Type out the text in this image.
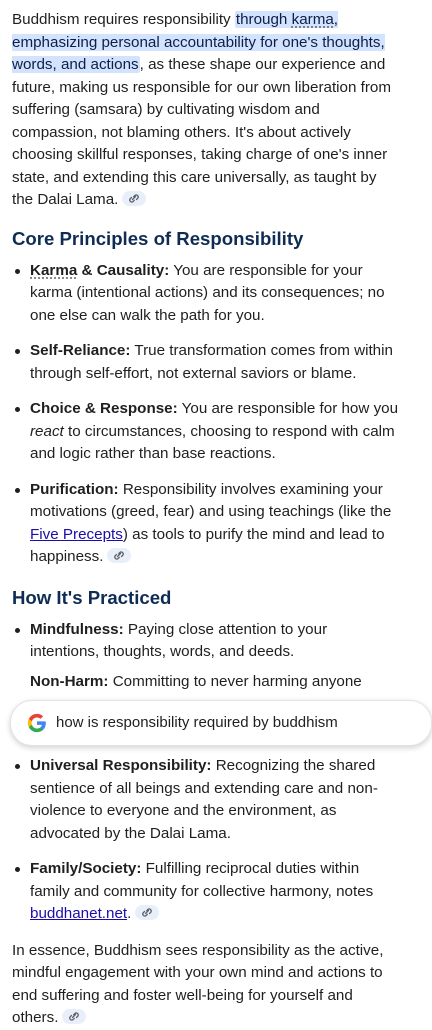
Buddhism requires responsibility through karma, emphasizing personal accountability for one's thoughts, words, and actions, as these shape our experience and future, making us responsible for our own liberation from suffering (samsara) by cultivating wisdom and compassion, not blaming others. It's about actively choosing skillful responses, taking charge of one's inner state, and extending this care universally, as taught by the Dalai Lama.

Core Principles of Responsibility
Karma & Causality: You are responsible for your karma (intentional actions) and its consequences; no one else can walk the path for you.
Self-Reliance: True transformation comes from within through self-effort, not external saviors or blame.
Choice & Response: You are responsible for how you react to circumstances, choosing to respond with calm and logic rather than base reactions.
Purification: Responsibility involves examining your motivations (greed, fear) and using teachings (like the Five Precepts) as tools to purify the mind and lead to happiness.
How It's Practiced
Mindfulness: Paying close attention to your intentions, thoughts, words, and deeds.
Non-Harm: Committing to never harming anyone
how is responsibility required by buddhism
Universal Responsibility: Recognizing the shared sentience of all beings and extending care and non-violence to everyone and the environment, as advocated by the Dalai Lama.
Family/Society: Fulfilling reciprocal duties within family and community for collective harmony, notes buddhanet.net.

In essence, Buddhism sees responsibility as the active, mindful engagement with your own mind and actions to end suffering and foster well-being for yourself and others.
